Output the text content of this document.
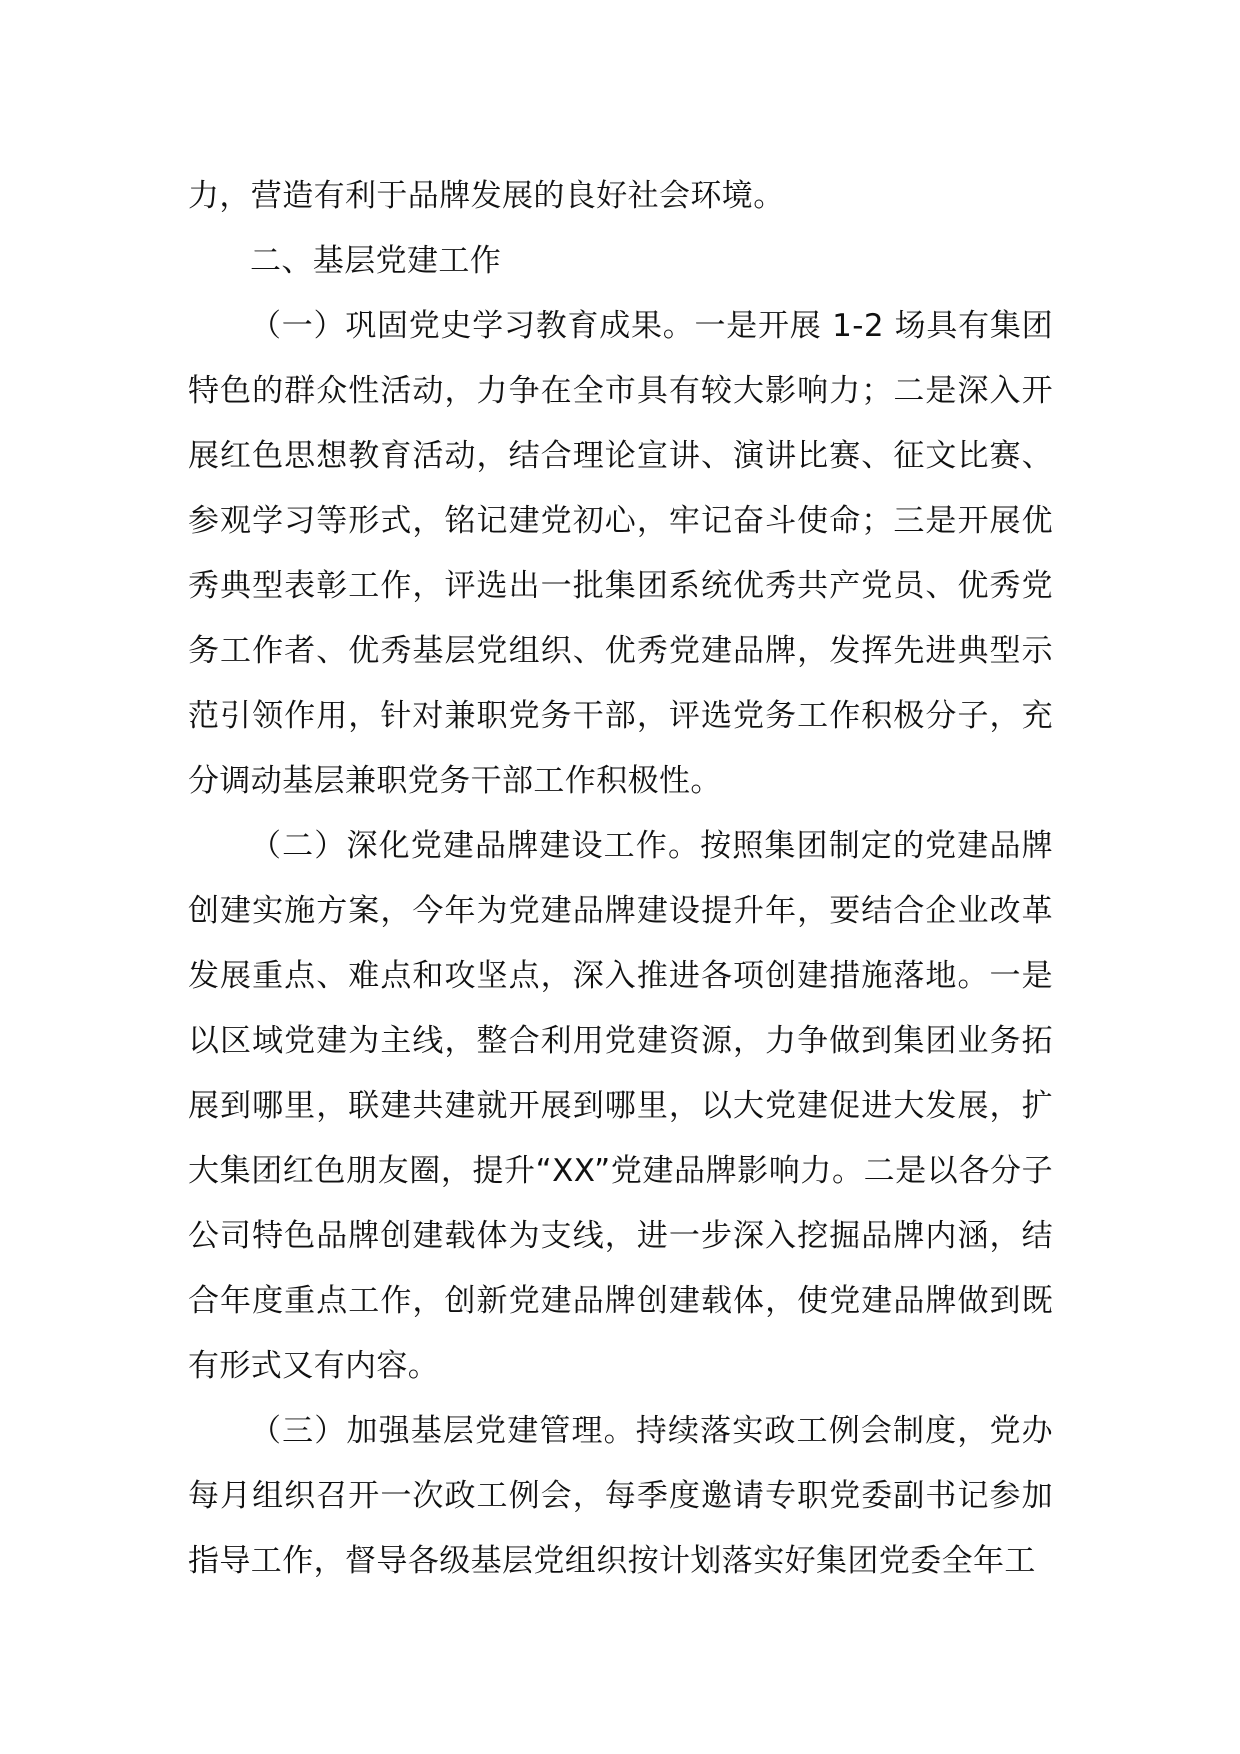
力，营造有利于品牌发展的良好社会环境。

二、基层党建工作

（一）巩固党史学习教育成果。一是开展 1-2 场具有集团特色的群众性活动，力争在全市具有较大影响力；二是深入开展红色思想教育活动，结合理论宣讲、演讲比赛、征文比赛、参观学习等形式，铭记建党初心，牢记奋斗使命；三是开展优秀典型表彰工作，评选出一批集团系统优秀共产党员、优秀党务工作者、优秀基层党组织、优秀党建品牌，发挥先进典型示范引领作用，针对兼职党务干部，评选党务工作积极分子，充分调动基层兼职党务干部工作积极性。

（二）深化党建品牌建设工作。按照集团制定的党建品牌创建实施方案，今年为党建品牌建设提升年，要结合企业改革发展重点、难点和攻坚点，深入推进各项创建措施落地。一是以区域党建为主线，整合利用党建资源，力争做到集团业务拓展到哪里，联建共建就开展到哪里，以大党建促进大发展，扩大集团红色朋友圈，提升“XX”党建品牌影响力。二是以各分子公司特色品牌创建载体为支线，进一步深入挖掘品牌内涵，结合年度重点工作，创新党建品牌创建载体，使党建品牌做到既有形式又有内容。

（三）加强基层党建管理。持续落实政工例会制度，党办每月组织召开一次政工例会，每季度邀请专职党委副书记参加指导工作，督导各级基层党组织按计划落实好集团党委全年工
